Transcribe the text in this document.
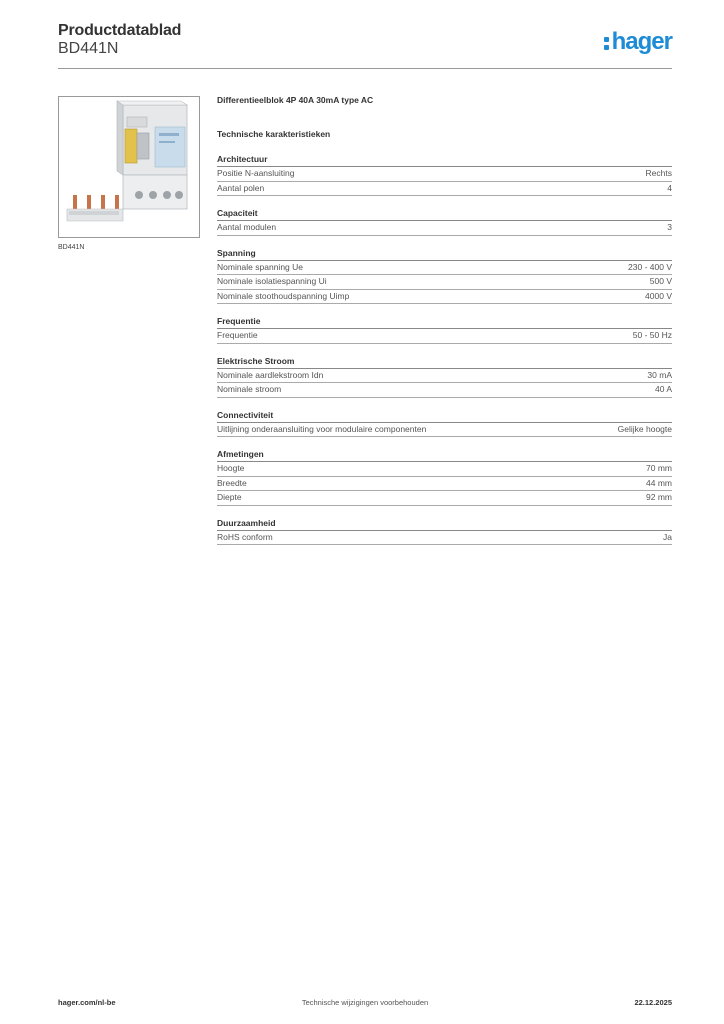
Productdatablad
BD441N	hager
BD441N
Differentieelblok 4P 40A 30mA type AC
Technische karakteristieken
Architectuur
Positie N-aansluiting	Rechts
Aantal polen	4
Capaciteit
Aantal modulen	3
Spanning
Nominale spanning Ue	230 - 400 V
Nominale isolatiespanning Ui	500 V
Nominale stoothoudspanning Uimp	4000 V
Frequentie
Frequentie	50 - 50 Hz
Elektrische Stroom
Nominale aardlekstroom Idn	30 mA
Nominale stroom	40 A
Connectiviteit
Uitlijning onderaansluiting voor modulaire componenten	Gelijke hoogte
Afmetingen
Hoogte	70 mm
Breedte	44 mm
Diepte	92 mm
Duurzaamheid
RoHS conform	Ja
hager.com/nl-be	Technische wijzigingen voorbehouden	22.12.2025
